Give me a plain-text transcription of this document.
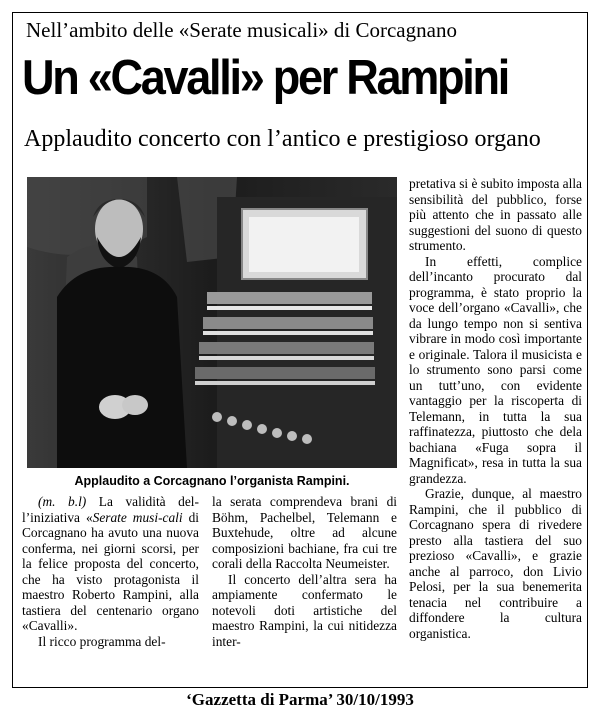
Nell’ambito delle «Serate musicali» di Corcagnano
Un «Cavalli» per Rampini
Applaudito concerto con l’antico e prestigioso organo
Applaudito a Corcagnano l’organista Rampini.

(m. b.l) La validità del-l’iniziativa «Serate musi-cali di Corcagnano ha avuto una nuova conferma, nei giorni scorsi, per la felice proposta del concerto, che ha visto protagonista il maestro Roberto Rampini, alla tastiera del centenario organo «Cavalli».

Il ricco programma del-

la serata comprendeva brani di Böhm, Pachelbel, Telemann e Buxtehude, oltre ad alcune composizioni bachiane, fra cui tre corali della Raccolta Neumeister.

Il concerto dell’altra sera ha ampiamente confermato le notevoli doti artistiche del maestro Rampini, la cui nitidezza inter-

pretativa si è subito imposta alla sensibilità del pubblico, forse più attento che in passato alle suggestioni del suono di questo strumento.

In effetti, complice dell’incanto procurato dal programma, è stato proprio la voce dell’organo «Cavalli», che da lungo tempo non si sentiva vibrare in modo così importante e originale. Talora il musicista e lo strumento sono parsi come un tutt’uno, con evidente vantaggio per la riscoperta di Telemann, in tutta la sua raffinatezza, piuttosto che dela bachiana «Fuga sopra il Magnificat», resa in tutta la sua grandezza.

Grazie, dunque, al maestro Rampini, che il pubblico di Corcagnano spera di rivedere presto alla tastiera del suo prezioso «Cavalli», e grazie anche al parroco, don Livio Pelosi, per la sua benemerita tenacia nel contribuire a diffondere la cultura organistica.

‘Gazzetta di Parma’ 30/10/1993
